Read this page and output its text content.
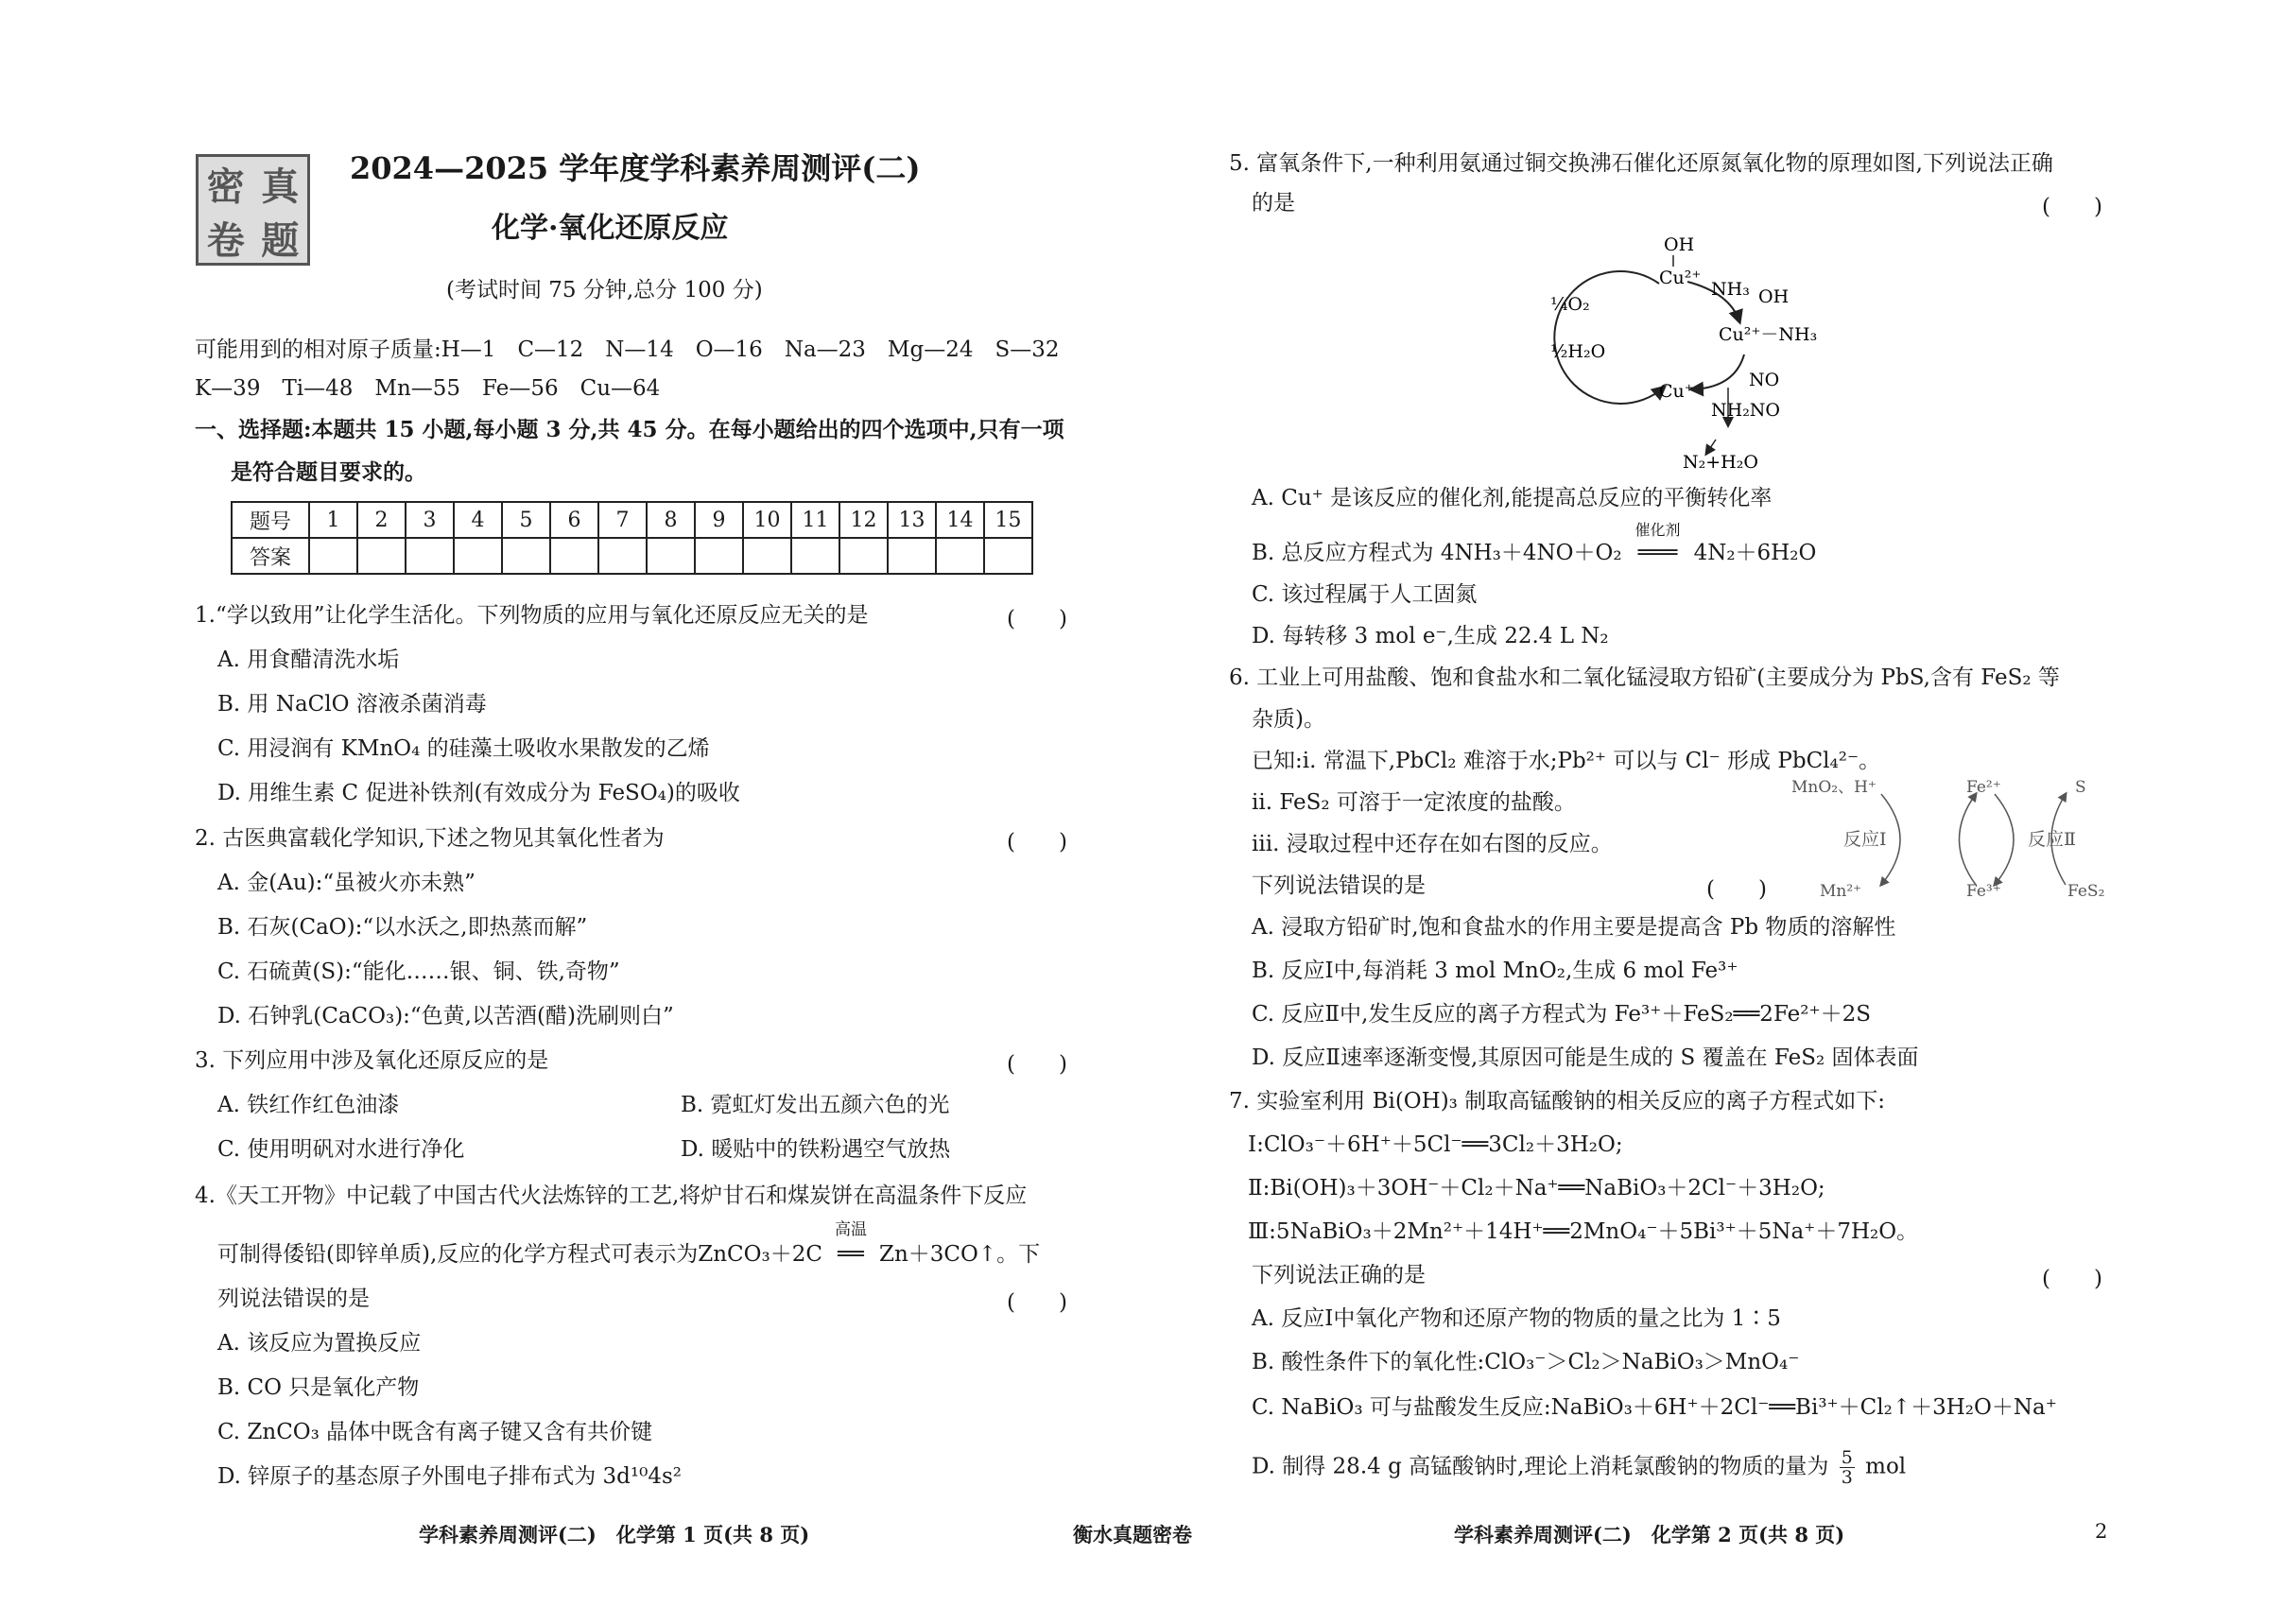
密 真
卷 题
2024—2025 学年度学科素养周测评(二)
化学·氧化还原反应
(考试时间 75 分钟,总分 100 分)
可能用到的相对原子质量:H—1　C—12　N—14　O—16　Na—23　Mg—24　S—32
K—39　Ti—48　Mn—55　Fe—56　Cu—64
一、选择题:本题共 15 小题,每小题 3 分,共 45 分。在每小题给出的四个选项中,只有一项
是符合题目要求的。
题号	1	2	3	4	5	6	7	8	9	10	11	12	13	14	15
答案															
1.“学以致用”让化学生活化。下列物质的应用与氧化还原反应无关的是	(　　)
A. 用食醋清洗水垢
B. 用 NaClO 溶液杀菌消毒
C. 用浸润有 KMnO₄ 的硅藻土吸收水果散发的乙烯
D. 用维生素 C 促进补铁剂(有效成分为 FeSO₄)的吸收
2. 古医典富载化学知识,下述之物见其氧化性者为	(　　)
A. 金(Au):“虽被火亦未熟”
B. 石灰(CaO):“以水沃之,即热蒸而解”
C. 石硫黄(S):“能化……银、铜、铁,奇物”
D. 石钟乳(CaCO₃):“色黄,以苦酒(醋)洗刷则白”
3. 下列应用中涉及氧化还原反应的是	(　　)
A. 铁红作红色油漆	B. 霓虹灯发出五颜六色的光
C. 使用明矾对水进行净化	D. 暖贴中的铁粉遇空气放热
4.《天工开物》中记载了中国古代火法炼锌的工艺,将炉甘石和煤炭饼在高温条件下反应
可制得倭铅(即锌单质),反应的化学方程式可表示为ZnCO₃＋2C
高温
══ Zn＋3CO↑。下
列说法错误的是	(　　)
A. 该反应为置换反应
B. CO 只是氧化产物
C. ZnCO₃ 晶体中既含有离子键又含有共价键
D. 锌原子的基态原子外围电子排布式为 3d¹⁰4s²
5. 富氧条件下,一种利用氨通过铜交换沸石催化还原氮氧化物的原理如图,下列说法正确
的是	(　　)
OH
Cu²⁺
NH₃ OH
Cu²⁺－NH₃
¼O₂
½H₂O
Cu⁺
NO
NH₂NO
N₂+H₂O
A. Cu⁺ 是该反应的催化剂,能提高总反应的平衡转化率
B. 总反应方程式为 4NH₃＋4NO＋O₂
催化剂
═══ 4N₂＋6H₂O
C. 该过程属于人工固氮
D. 每转移 3 mol e⁻,生成 22.4 L N₂
6. 工业上可用盐酸、饱和食盐水和二氧化锰浸取方铅矿(主要成分为 PbS,含有 FeS₂ 等
杂质)。
已知:i. 常温下,PbCl₂ 难溶于水;Pb²⁺ 可以与 Cl⁻ 形成 PbCl₄²⁻。
ii. FeS₂ 可溶于一定浓度的盐酸。
iii. 浸取过程中还存在如右图的反应。
下列说法错误的是	(　　)
MnO₂、H⁺	Fe²⁺	S
反应Ⅰ	反应Ⅱ
Mn²⁺	Fe³⁺	FeS₂
A. 浸取方铅矿时,饱和食盐水的作用主要是提高含 Pb 物质的溶解性
B. 反应Ⅰ中,每消耗 3 mol MnO₂,生成 6 mol Fe³⁺
C. 反应Ⅱ中,发生反应的离子方程式为 Fe³⁺＋FeS₂══2Fe²⁺＋2S
D. 反应Ⅱ速率逐渐变慢,其原因可能是生成的 S 覆盖在 FeS₂ 固体表面
7. 实验室利用 Bi(OH)₃ 制取高锰酸钠的相关反应的离子方程式如下:
Ⅰ:ClO₃⁻＋6H⁺＋5Cl⁻══3Cl₂＋3H₂O;
Ⅱ:Bi(OH)₃＋3OH⁻＋Cl₂＋Na⁺══NaBiO₃＋2Cl⁻＋3H₂O;
Ⅲ:5NaBiO₃＋2Mn²⁺＋14H⁺══2MnO₄⁻＋5Bi³⁺＋5Na⁺＋7H₂O。
下列说法正确的是	(　　)
A. 反应Ⅰ中氧化产物和还原产物的物质的量之比为 1∶5
B. 酸性条件下的氧化性:ClO₃⁻＞Cl₂＞NaBiO₃＞MnO₄⁻
C. NaBiO₃ 可与盐酸发生反应:NaBiO₃＋6H⁺＋2Cl⁻══Bi³⁺＋Cl₂↑＋3H₂O＋Na⁺
D. 制得 28.4 g 高锰酸钠时,理论上消耗氯酸钠的物质的量为 $\frac{5}{3}$ mol
学科素养周测评(二)　化学第 1 页(共 8 页)	衡水真题密卷	学科素养周测评(二)　化学第 2 页(共 8 页)	2
